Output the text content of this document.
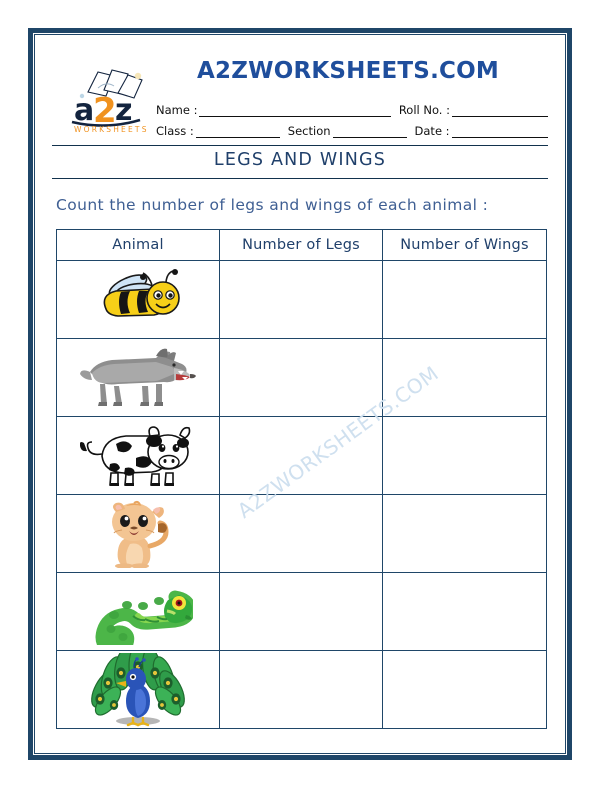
a
2
z
WORKSHEETS
A2ZWORKSHEETS.COM
Name :	Roll No. :
Class :	Section	Date :
LEGS AND WINGS
Count the number of legs and wings of each animal :
Animal	Number of Legs	Number of Wings

A2ZWORKSHEETS.COM
